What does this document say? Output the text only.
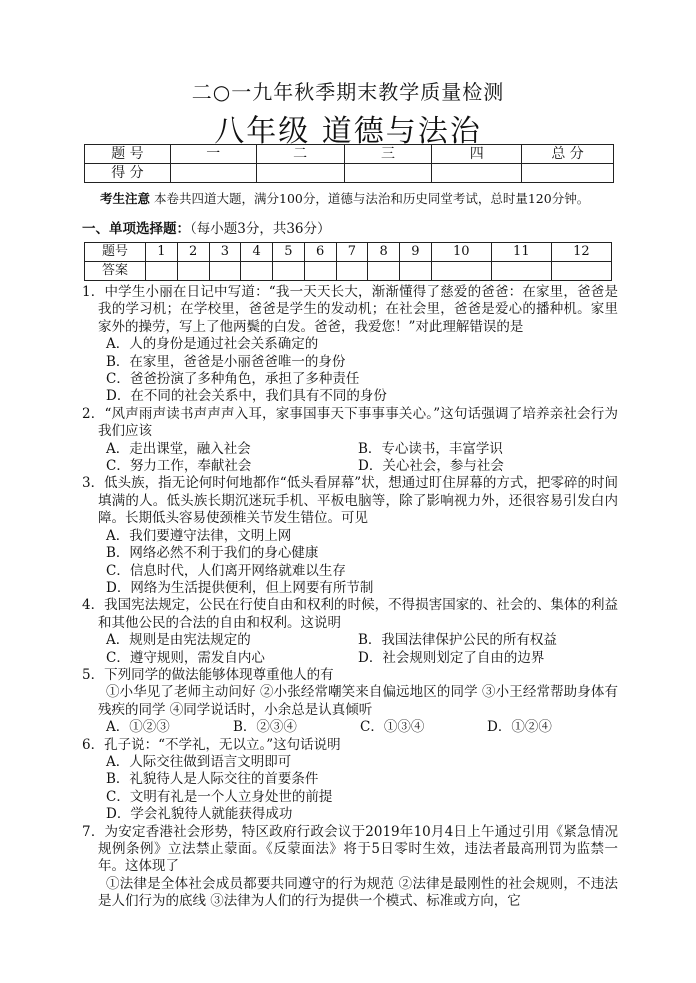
二○一九年秋季期末教学质量检测
八年级 道德与法治
题 号	一	二	三	四	总 分
得 分					
考生注意 本卷共四道大题，满分100分，道德与法治和历史同堂考试，总时量120分钟。
一、单项选择题：（每小题3分，共36分）
题号	1	2	3	4	5	6	7	8	9	10	11	12
答案												

1．中学生小丽在日记中写道：“我一天天长大，渐渐懂得了慈爱的爸爸：在家里，爸爸是我的学习机；在学校里，爸爸是学生的发动机；在社会里，爸爸是爱心的播种机。家里家外的操劳，写上了他两鬓的白发。爸爸，我爱您！”对此理解错误的是

A．人的身份是通过社会关系确定的

B．在家里，爸爸是小丽爸爸唯一的身份

C．爸爸扮演了多种角色，承担了多种责任

D．在不同的社会关系中，我们具有不同的身份

2．“风声雨声读书声声声入耳，家事国事天下事事事关心。”这句话强调了培养亲社会行为我们应该

A．走出课堂，融入社会	B．专心读书，丰富学识
C．努力工作，奉献社会	D．关心社会，参与社会

3．低头族，指无论何时何地都作“低头看屏幕”状，想通过盯住屏幕的方式，把零碎的时间填满的人。低头族长期沉迷玩手机、平板电脑等，除了影响视力外，还很容易引发白内障。长期低头容易使颈椎关节发生错位。可见

A．我们要遵守法律，文明上网

B．网络必然不利于我们的身心健康

C．信息时代，人们离开网络就难以生存

D．网络为生活提供便利，但上网要有所节制

4．我国宪法规定，公民在行使自由和权利的时候，不得损害国家的、社会的、集体的利益和其他公民的合法的自由和权利。这说明

A．规则是由宪法规定的	B．我国法律保护公民的所有权益
C．遵守规则，需发自内心	D．社会规则划定了自由的边界

5．下列同学的做法能够体现尊重他人的有

①小华见了老师主动问好 ②小张经常嘲笑来自偏远地区的同学 ③小王经常帮助身体有残疾的同学 ④同学说话时，小余总是认真倾听

A．①②③	B．②③④	C．①③④	D．①②④

6．孔子说：“不学礼，无以立。”这句话说明

A．人际交往做到语言文明即可

B．礼貌待人是人际交往的首要条件

C．文明有礼是一个人立身处世的前提

D．学会礼貌待人就能获得成功

7．为安定香港社会形势，特区政府行政会议于2019年10月4日上午通过引用《紧急情况规例条例》立法禁止蒙面。《反蒙面法》将于5日零时生效，违法者最高刑罚为监禁一年。这体现了

①法律是全体社会成员都要共同遵守的行为规范 ②法律是最刚性的社会规则，不违法是人们行为的底线 ③法律为人们的行为提供一个模式、标准或方向，它
